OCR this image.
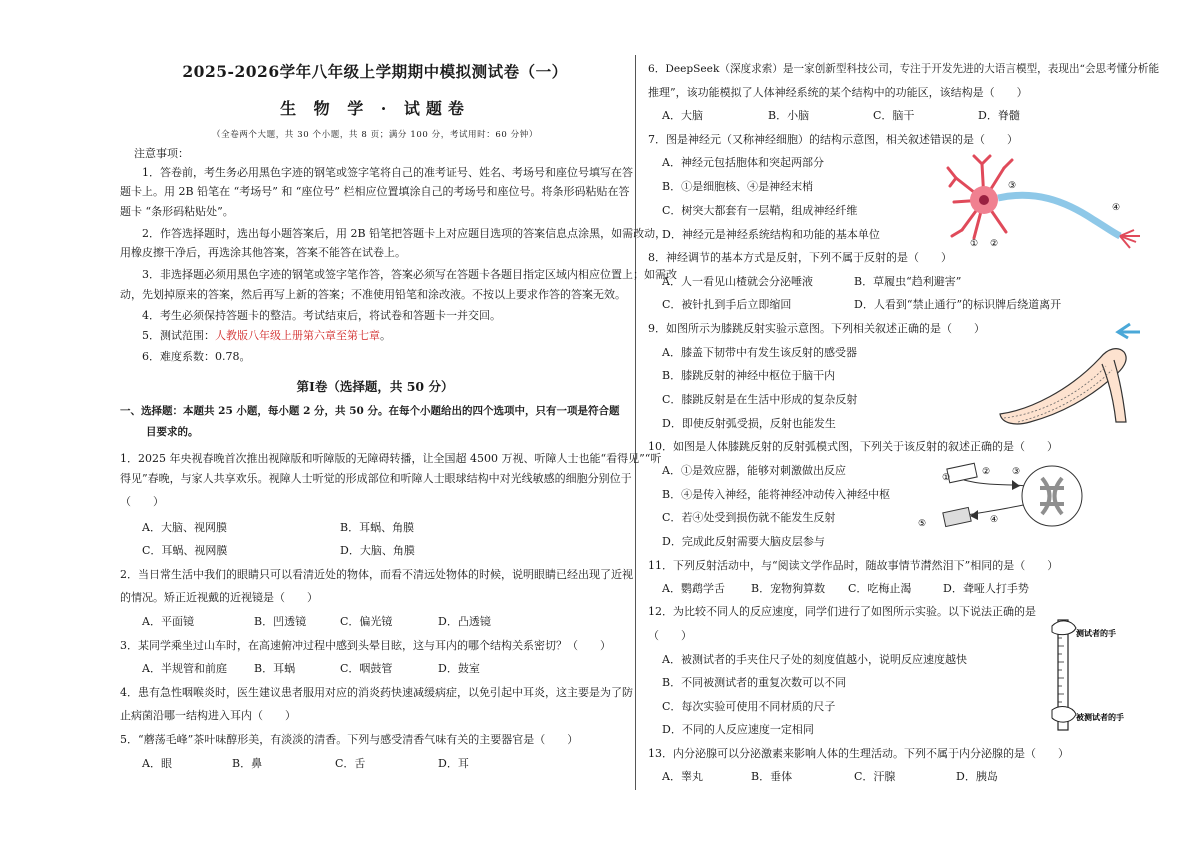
2025-2026学年八年级上学期期中模拟测试卷（一）
生 物 学 · 试题卷
（全卷两个大题，共 30 个小题，共 8 页；满分 100 分，考试用时：60 分钟）
注意事项：
1．答卷前，考生务必用黑色字迹的钢笔或签字笔将自己的准考证号、姓名、考场号和座位号填写在答
题卡上。用 2B 铅笔在 “考场号” 和 “座位号” 栏相应位置填涂自己的考场号和座位号。将条形码粘贴在答
题卡 “条形码粘贴处”。
2．作答选择题时，选出每小题答案后，用 2B 铅笔把答题卡上对应题目选项的答案信息点涂黑，如需改动，
用橡皮擦干净后，再选涂其他答案，答案不能答在试卷上。
3．非选择题必须用黑色字迹的钢笔或签字笔作答，答案必须写在答题卡各题目指定区域内相应位置上；如需改
动，先划掉原来的答案，然后再写上新的答案；不准使用铅笔和涂改液。不按以上要求作答的答案无效。
4．考生必须保持答题卡的整洁。考试结束后，将试卷和答题卡一并交回。
5．测试范围：人教版八年级上册第六章至第七章。
6．难度系数：0.78。
第Ⅰ卷（选择题，共 50 分）
一、选择题：本题共 25 小题，每小题 2 分，共 50 分。在每个小题给出的四个选项中，只有一项是符合题
目要求的。
1．2025 年央视春晚首次推出视障版和听障版的无障碍转播，让全国超 4500 万视、听障人士也能“看得见”“听
得见”春晚，与家人共享欢乐。视障人士听觉的形成部位和听障人士眼球结构中对光线敏感的细胞分别位于
（　　）
A．大脑、视网膜	B．耳蜗、角膜
C．耳蜗、视网膜	D．大脑、角膜
2．当日常生活中我们的眼睛只可以看清近处的物体，而看不清远处物体的时候，说明眼睛已经出现了近视
的情况。矫正近视戴的近视镜是（　　）
A．平面镜	B．凹透镜	C．偏光镜	D．凸透镜
3．某同学乘坐过山车时，在高速俯冲过程中感到头晕目眩，这与耳内的哪个结构关系密切？（　　）
A．半规管和前庭 B．耳蜗	C．咽鼓管	D．鼓室
4．患有急性咽喉炎时，医生建议患者服用对应的消炎药快速减缓病症，以免引起中耳炎，这主要是为了防
止病菌沿哪一结构进入耳内（　　）
5．“蘑荡毛峰”茶叶味醇形美，有淡淡的清香。下列与感受清香气味有关的主要器官是（　　）
A．眼	B．鼻	C．舌	D．耳
6．DeepSeek（深度求索）是一家创新型科技公司，专注于开发先进的大语言模型，表现出“会思考懂分析能
推理”，该功能模拟了人体神经系统的某个结构中的功能区，该结构是（　　）
A．大脑	B．小脑	C．脑干	D．脊髓
7．图是神经元（又称神经细胞）的结构示意图，相关叙述错误的是（　　）
A．神经元包括胞体和突起两部分
B．①是细胞核、④是神经末梢
C．树突大都套有一层鞘，组成神经纤维
D．神经元是神经系统结构和功能的基本单位
③
① ②
④
8．神经调节的基本方式是反射，下列不属于反射的是（　　）
A．人一看见山楂就会分泌唾液	B．草履虫“趋利避害”
C．被针扎到手后立即缩回	D．人看到“禁止通行”的标识牌后绕道离开
9．如图所示为膝跳反射实验示意图。下列相关叙述正确的是（　　）
A．膝盖下韧带中有发生该反射的感受器
B．膝跳反射的神经中枢位于脑干内
C．膝跳反射是在生活中形成的复杂反射
D．即使反射弧受损，反射也能发生
10．如图是人体膝跳反射的反射弧模式图，下列关于该反射的叙述正确的是（　　）
A．①是效应器，能够对刺激做出反应
B．④是传入神经，能将神经冲动传入神经中枢
C．若④处受到损伤就不能发生反射
D．完成此反射需要大脑皮层参与
②
①
③
④
⑤
11．下列反射活动中，与“阅读文学作品时，随故事情节潸然泪下”相同的是（　　）
A．鹦鹉学舌 B．宠物狗算数 C．吃梅止渴	D．聋哑人打手势
12．为比较不同人的反应速度，同学们进行了如图所示实验。以下说法正确的是
（　　）
A．被测试者的手夹住尺子处的刻度值越小，说明反应速度越快
B．不同被测试者的重复次数可以不同
C．每次实验可使用不同材质的尺子
D．不同的人反应速度一定相同
测试者的手
被测试者的手
13．内分泌腺可以分泌激素来影响人体的生理活动。下列不属于内分泌腺的是（　　）
A．睾丸	B．垂体	C．汗腺	D．胰岛
